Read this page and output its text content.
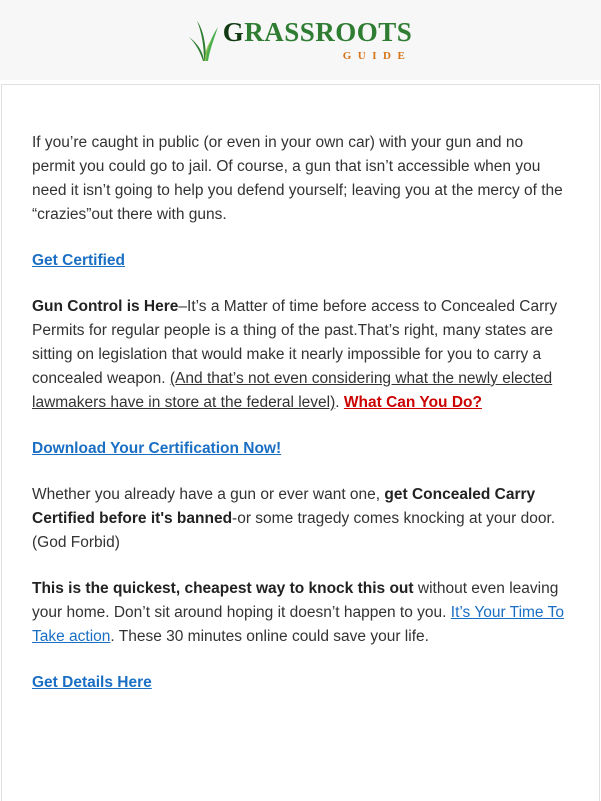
GRASSROOTS
GUIDE

If you’re caught in public (or even in your own car) with your gun and no permit you could go to jail. Of course, a gun that isn’t accessible when you need it isn’t going to help you defend yourself; leaving you at the mercy of the “crazies”out there with guns.

Get Certified

Gun Control is Here–It’s a Matter of time before access to Concealed Carry Permits for regular people is a thing of the past.That’s right, many states are sitting on legislation that would make it nearly impossible for you to carry a concealed weapon. (And that’s not even considering what the newly elected lawmakers have in store at the federal level). What Can You Do?

Download Your Certification Now!

Whether you already have a gun or ever want one, get Concealed Carry Certified before it's banned-or some tragedy comes knocking at your door. (God Forbid)

This is the quickest, cheapest way to knock this out without even leaving your home. Don’t sit around hoping it doesn’t happen to you. It’s Your Time To Take action. These 30 minutes online could save your life.

Get Details Here
